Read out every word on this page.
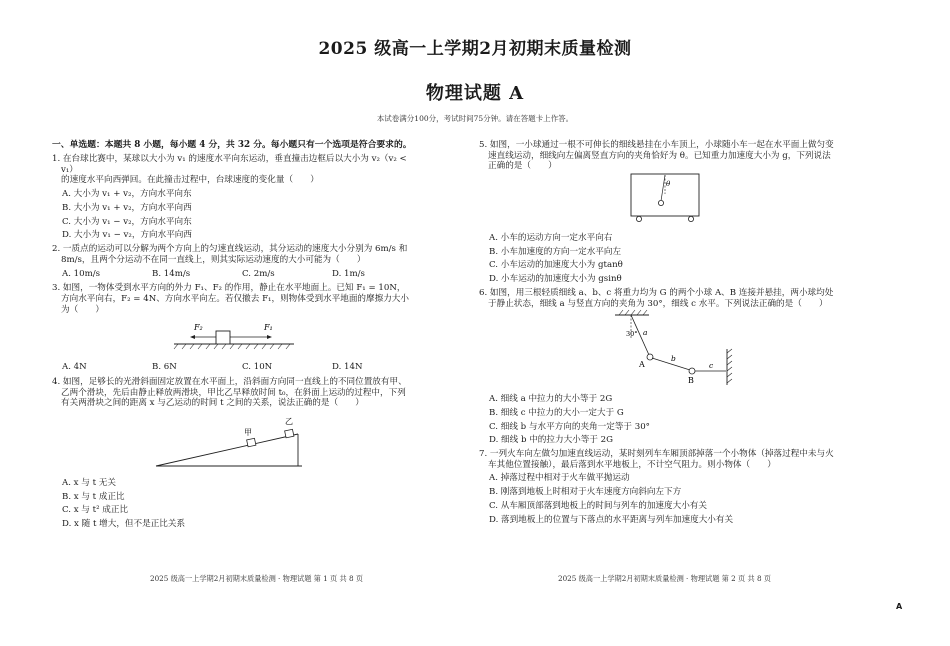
2025 级高一上学期2月初期末质量检测
物理试题 A
本试卷满分100分，考试时间75分钟。请在答题卡上作答。
一、单选题：本题共 8 小题，每小题 4 分，共 32 分。每小题只有一个选项是符合要求的。

1. 在台球比赛中，某球以大小为 v₁ 的速度水平向东运动，垂直撞击边框后以大小为 v₂（v₂ < v₁）

的速度水平向西弹回。在此撞击过程中，台球速度的变化量（　　）

A. 大小为 v₁ + v₂，方向水平向东
B. 大小为 v₁ + v₂，方向水平向西
C. 大小为 v₁ − v₂，方向水平向东
D. 大小为 v₁ − v₂，方向水平向西

2. 一质点的运动可以分解为两个方向上的匀速直线运动，其分运动的速度大小分别为 6m/s 和

8m/s，且两个分运动不在同一直线上，则其实际运动速度的大小可能为（　　）

A. 10m/s	B. 14m/s	C. 2m/s	D. 1m/s

3. 如图，一物体受到水平方向的外力 F₁、F₂ 的作用，静止在水平地面上。已知 F₁ = 10N，

方向水平向右，F₂ = 4N、方向水平向左。若仅撤去 F₁，则物体受到水平地面的摩擦力大小

为（　　）

F₂	F₁
A. 4N	B. 6N	C. 10N	D. 14N

4. 如图，足够长的光滑斜面固定放置在水平面上，沿斜面方向同一直线上的不同位置放有甲、

乙两个滑块，先后由静止释放两滑块，甲比乙早释放时间 t₀，在斜面上运动的过程中，下列

有关两滑块之间的距离 x 与乙运动的时间 t 之间的关系，说法正确的是（　　）

甲
乙
A. x 与 t 无关
B. x 与 t 成正比
C. x 与 t² 成正比
D. x 随 t 增大，但不是正比关系

5. 如图，一小球通过一根不可伸长的细线悬挂在小车顶上，小球随小车一起在水平面上做匀变

速直线运动，细线向左偏离竖直方向的夹角恰好为 θ。已知重力加速度大小为 g，下列说法

正确的是（　　）

θ
A. 小车的运动方向一定水平向右
B. 小车加速度的方向一定水平向左
C. 小车运动的加速度大小为 gtanθ
D. 小车运动的加速度大小为 gsinθ

6. 如图，用三根轻质细线 a、b、c 将重力均为 G 的两个小球 A、B 连接并悬挂，两小球均处

于静止状态，细线 a 与竖直方向的夹角为 30°，细线 c 水平。下列说法正确的是（　　）

30° a
b
c
A
B
A. 细线 a 中拉力的大小等于 2G
B. 细线 c 中拉力的大小一定大于 G
C. 细线 b 与水平方向的夹角一定等于 30°
D. 细线 b 中的拉力大小等于 2G

7. 一列火车向左做匀加速直线运动，某时刻列车车厢顶部掉落一个小物体（掉落过程中未与火

车其他位置接触），最后落到水平地板上，不计空气阻力。则小物体（　　）

A. 掉落过程中相对于火车做平抛运动
B. 刚落到地板上时相对于火车速度方向斜向左下方
C. 从车厢顶部落到地板上的时间与列车的加速度大小有关
D. 落到地板上的位置与下落点的水平距离与列车加速度大小有关
2025 级高一上学期2月初期末质量检测 · 物理试题 第 1 页 共 8 页	2025 级高一上学期2月初期末质量检测 · 物理试题 第 2 页 共 8 页
A
